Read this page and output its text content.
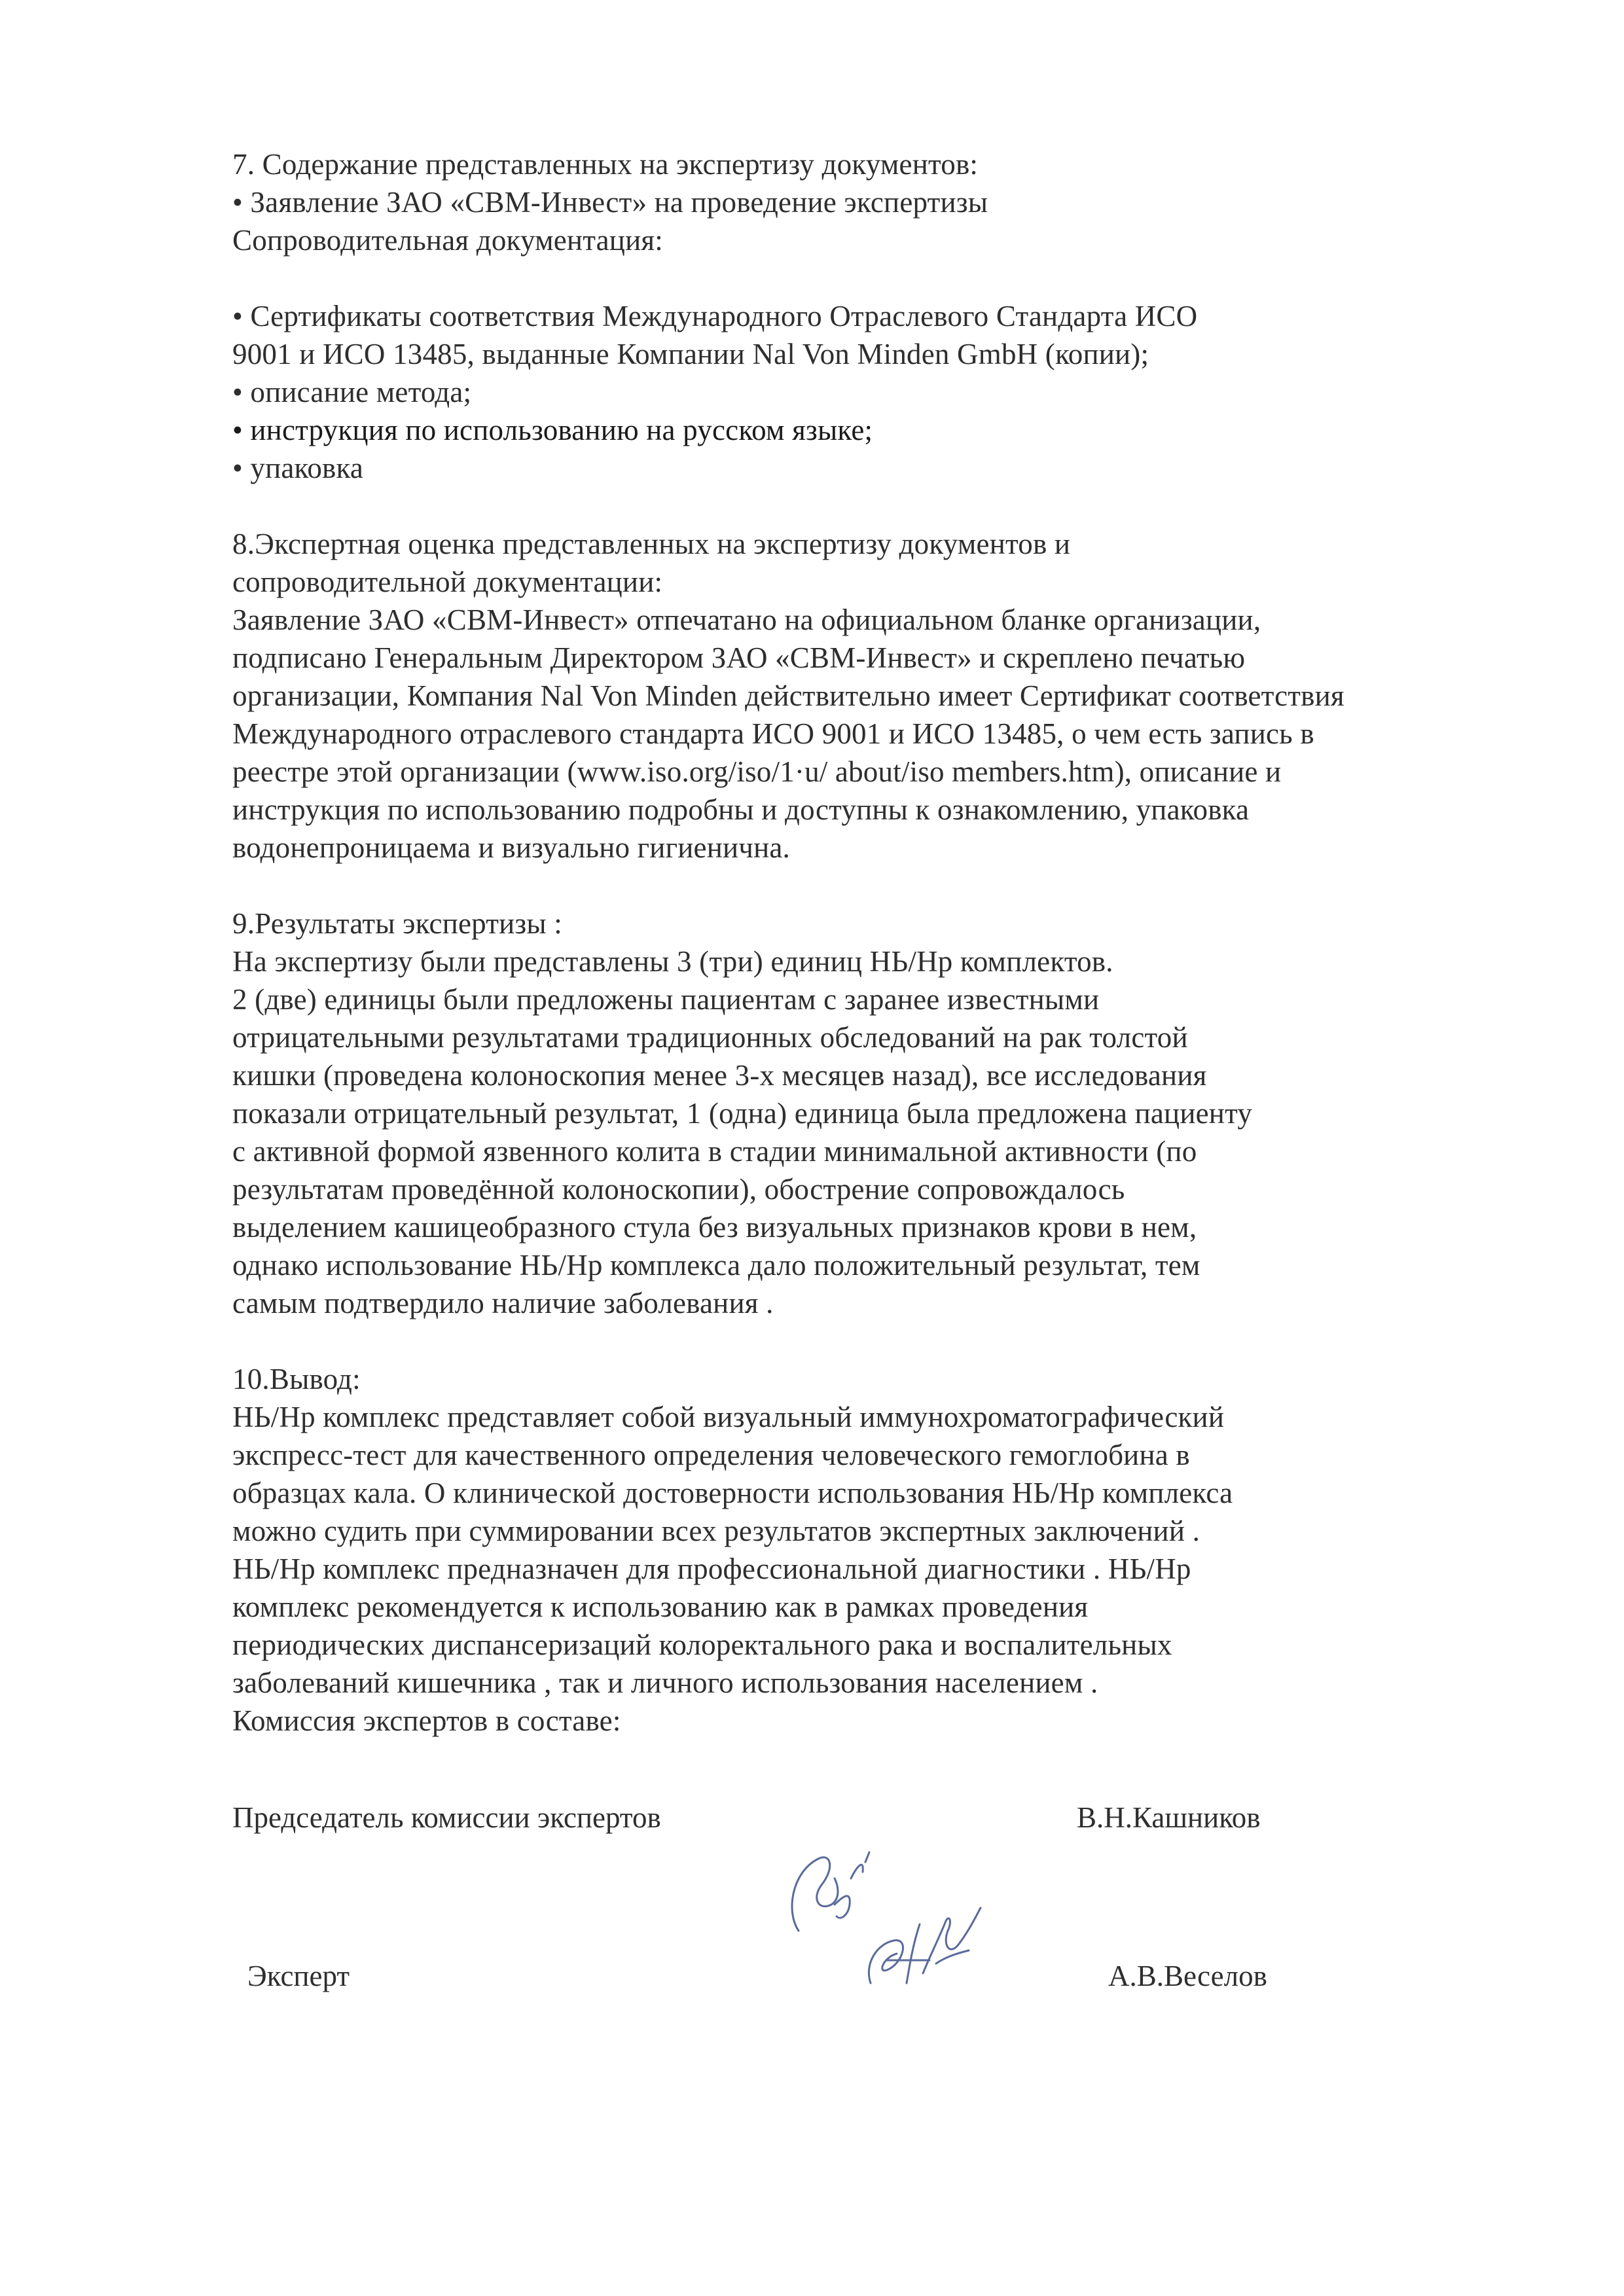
7. Содержание представленных на экспертизу документов:
• Заявление ЗАО «СВМ-Инвест» на проведение экспертизы
Сопроводительная документация:
• Сертификаты соответствия Международного Отраслевого Стандарта ИСО
9001 и ИСО 13485, выданные Компании Nal Von Minden GmbH (копии);
• описание метода;
• инструкция по использованию на русском языке;
• упаковка
8.Экспертная оценка представленных на экспертизу документов и
сопроводительной документации:
Заявление ЗАО «СВМ-Инвест» отпечатано на официальном бланке организации,
подписано Генеральным Директором ЗАО «СВМ-Инвест» и скреплено печатью
организации, Компания Nal Von Minden действительно имеет Сертификат соответствия
Международного отраслевого стандарта ИСО 9001 и ИСО 13485, о чем есть запись в
реестре этой организации (www.iso.org/iso/1·u/ about/iso members.htm), описание и
инструкция по использованию подробны и доступны к ознакомлению, упаковка
водонепроницаема и визуально гигиенична.
9.Результаты экспертизы :
На экспертизу были представлены 3 (три) единиц НЬ/Нр комплектов.
2 (две) единицы были предложены пациентам с заранее известными
отрицательными результатами традиционных обследований на рак толстой
кишки (проведена колоноскопия менее 3-х месяцев назад), все исследования
показали отрицательный результат, 1 (одна) единица была предложена пациенту
с активной формой язвенного колита в стадии минимальной активности (по
результатам проведённой колоноскопии), обострение сопровождалось
выделением кашицеобразного стула без визуальных признаков крови в нем,
однако использование НЬ/Нр комплекса дало положительный результат, тем
самым подтвердило наличие заболевания .
10.Вывод:
НЬ/Нр комплекс представляет собой визуальный иммунохроматографический
экспресс-тест для качественного определения человеческого гемоглобина в
образцах кала. О клинической достоверности использования НЬ/Нр комплекса
можно судить при суммировании всех результатов экспертных заключений .
НЬ/Нр комплекс предназначен для профессиональной диагностики . НЬ/Нр
комплекс рекомендуется к использованию как в рамках проведения
периодических диспансеризаций колоректального рака и воспалительных
заболеваний кишечника , так и личного использования населением .
Комиссия экспертов в составе:
Председатель комиссии экспертов	В.Н.Кашников
Эксперт	А.В.Веселов
